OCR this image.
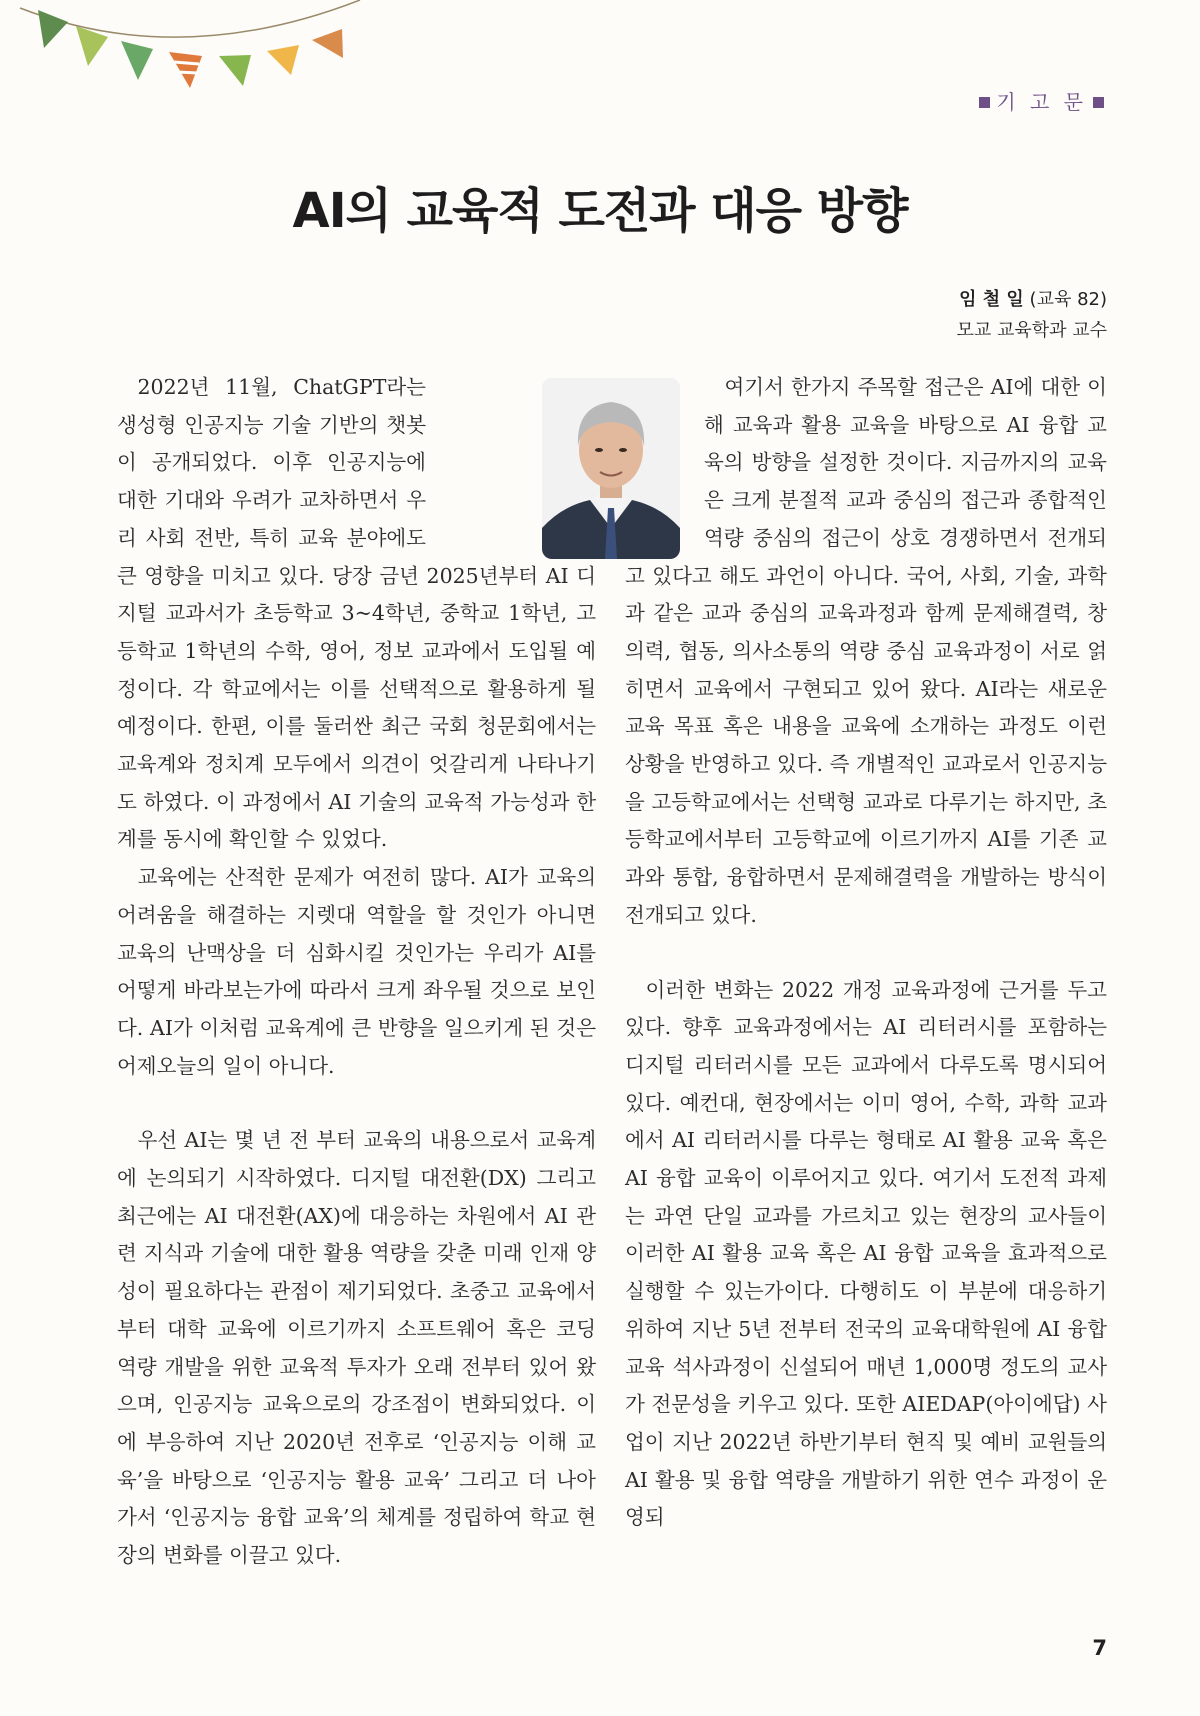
기 고 문
AI의 교육적 도전과 대응 방향
임 철 일 (교육 82)
모교 교육학과 교수

2022년 11월, ChatGPT라는 생성형 인공지능 기술 기반의 챗봇이 공개되었다. 이후 인공지능에 대한 기대와 우려가 교차하면서 우리 사회 전반, 특히 교육 분야에도 큰 영향을 미치고 있다. 당장 금년 2025년부터 AI 디지털 교과서가 초등학교 3~4학년, 중학교 1학년, 고등학교 1학년의 수학, 영어, 정보 교과에서 도입될 예정이다. 각 학교에서는 이를 선택적으로 활용하게 될 예정이다. 한편, 이를 둘러싼 최근 국회 청문회에서는 교육계와 정치계 모두에서 의견이 엇갈리게 나타나기도 하였다. 이 과정에서 AI 기술의 교육적 가능성과 한계를 동시에 확인할 수 있었다.

교육에는 산적한 문제가 여전히 많다. AI가 교육의 어려움을 해결하는 지렛대 역할을 할 것인가 아니면 교육의 난맥상을 더 심화시킬 것인가는 우리가 AI를 어떻게 바라보는가에 따라서 크게 좌우될 것으로 보인다. AI가 이처럼 교육계에 큰 반향을 일으키게 된 것은 어제오늘의 일이 아니다.

우선 AI는 몇 년 전 부터 교육의 내용으로서 교육계에 논의되기 시작하였다. 디지털 대전환(DX) 그리고 최근에는 AI 대전환(AX)에 대응하는 차원에서 AI 관련 지식과 기술에 대한 활용 역량을 갖춘 미래 인재 양성이 필요하다는 관점이 제기되었다. 초중고 교육에서부터 대학 교육에 이르기까지 소프트웨어 혹은 코딩 역량 개발을 위한 교육적 투자가 오래 전부터 있어 왔으며, 인공지능 교육으로의 강조점이 변화되었다. 이에 부응하여 지난 2020년 전후로 ‘인공지능 이해 교육’을 바탕으로 ‘인공지능 활용 교육’ 그리고 더 나아가서 ‘인공지능 융합 교육’의 체계를 정립하여 학교 현장의 변화를 이끌고 있다.

여기서 한가지 주목할 접근은 AI에 대한 이해 교육과 활용 교육을 바탕으로 AI 융합 교육의 방향을 설정한 것이다. 지금까지의 교육은 크게 분절적 교과 중심의 접근과 종합적인 역량 중심의 접근이 상호 경쟁하면서 전개되고 있다고 해도 과언이 아니다. 국어, 사회, 기술, 과학과 같은 교과 중심의 교육과정과 함께 문제해결력, 창의력, 협동, 의사소통의 역량 중심 교육과정이 서로 얽히면서 교육에서 구현되고 있어 왔다. AI라는 새로운 교육 목표 혹은 내용을 교육에 소개하는 과정도 이런 상황을 반영하고 있다. 즉 개별적인 교과로서 인공지능을 고등학교에서는 선택형 교과로 다루기는 하지만, 초등학교에서부터 고등학교에 이르기까지 AI를 기존 교과와 통합, 융합하면서 문제해결력을 개발하는 방식이 전개되고 있다.

이러한 변화는 2022 개정 교육과정에 근거를 두고 있다. 향후 교육과정에서는 AI 리터러시를 포함하는 디지털 리터러시를 모든 교과에서 다루도록 명시되어 있다. 예컨대, 현장에서는 이미 영어, 수학, 과학 교과에서 AI 리터러시를 다루는 형태로 AI 활용 교육 혹은 AI 융합 교육이 이루어지고 있다. 여기서 도전적 과제는 과연 단일 교과를 가르치고 있는 현장의 교사들이 이러한 AI 활용 교육 혹은 AI 융합 교육을 효과적으로 실행할 수 있는가이다. 다행히도 이 부분에 대응하기 위하여 지난 5년 전부터 전국의 교육대학원에 AI 융합 교육 석사과정이 신설되어 매년 1,000명 정도의 교사가 전문성을 키우고 있다. 또한 AIEDAP(아이에답) 사업이 지난 2022년 하반기부터 현직 및 예비 교원들의 AI 활용 및 융합 역량을 개발하기 위한 연수 과정이 운영되

7
